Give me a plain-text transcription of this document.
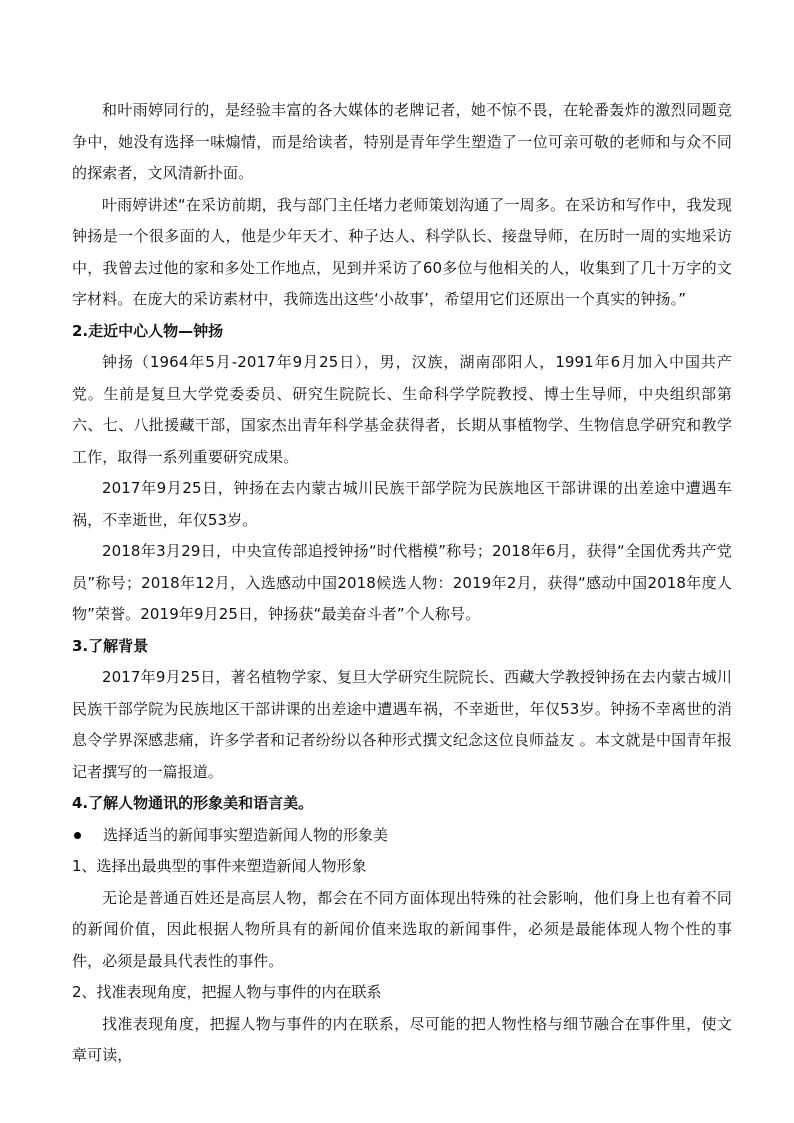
和叶雨婷同行的，是经验丰富的各大媒体的老牌记者，她不惊不畏，在轮番轰炸的激烈同题竞争中，她没有选择一味煽情，而是给读者，特别是青年学生塑造了一位可亲可敬的老师和与众不同的探索者，文风清新扑面。

叶雨婷讲述“在采访前期，我与部门主任堵力老师策划沟通了一周多。在采访和写作中，我发现钟扬是一个很多面的人，他是少年天才、种子达人、科学队长、接盘导师，在历时一周的实地采访中，我曾去过他的家和多处工作地点，见到并采访了60多位与他相关的人，收集到了几十万字的文字材料。在庞大的采访素材中，我筛选出这些‘小故事’，希望用它们还原出一个真实的钟扬。”

2.走近中心人物—钟扬

钟扬（1964年5月-2017年9月25日），男，汉族，湖南邵阳人，1991年6月加入中国共产党。生前是复旦大学党委委员、研究生院院长、生命科学学院教授、博士生导师，中央组织部第六、七、八批援藏干部，国家杰出青年科学基金获得者，长期从事植物学、生物信息学研究和教学工作，取得一系列重要研究成果。

2017年9月25日，钟扬在去内蒙古城川民族干部学院为民族地区干部讲课的出差途中遭遇车祸，不幸逝世，年仅53岁。

2018年3月29日，中央宣传部追授钟扬“时代楷模”称号；2018年6月，获得“全国优秀共产党员”称号；2018年12月，入选感动中国2018候选人物：2019年2月，获得“感动中国2018年度人物”荣誉。2019年9月25日，钟扬获“最美奋斗者”个人称号。

3.了解背景

2017年9月25日，著名植物学家、复旦大学研究生院院长、西藏大学教授钟扬在去内蒙古城川民族干部学院为民族地区干部讲课的出差途中遭遇车祸，不幸逝世，年仅53岁。钟扬不幸离世的消息令学界深感悲痛，许多学者和记者纷纷以各种形式撰文纪念这位良师益友 。本文就是中国青年报记者撰写的一篇报道。

4.了解人物通讯的形象美和语言美。
选择适当的新闻事实塑造新闻人物的形象美

1、选择出最典型的事件来塑造新闻人物形象

无论是普通百姓还是高层人物，都会在不同方面体现出特殊的社会影响，他们身上也有着不同的新闻价值，因此根据人物所具有的新闻价值来选取的新闻事件，必须是最能体现人物个性的事件，必须是最具代表性的事件。

2、找准表现角度，把握人物与事件的内在联系

找准表现角度，把握人物与事件的内在联系，尽可能的把人物性格与细节融合在事件里，使文章可读，
